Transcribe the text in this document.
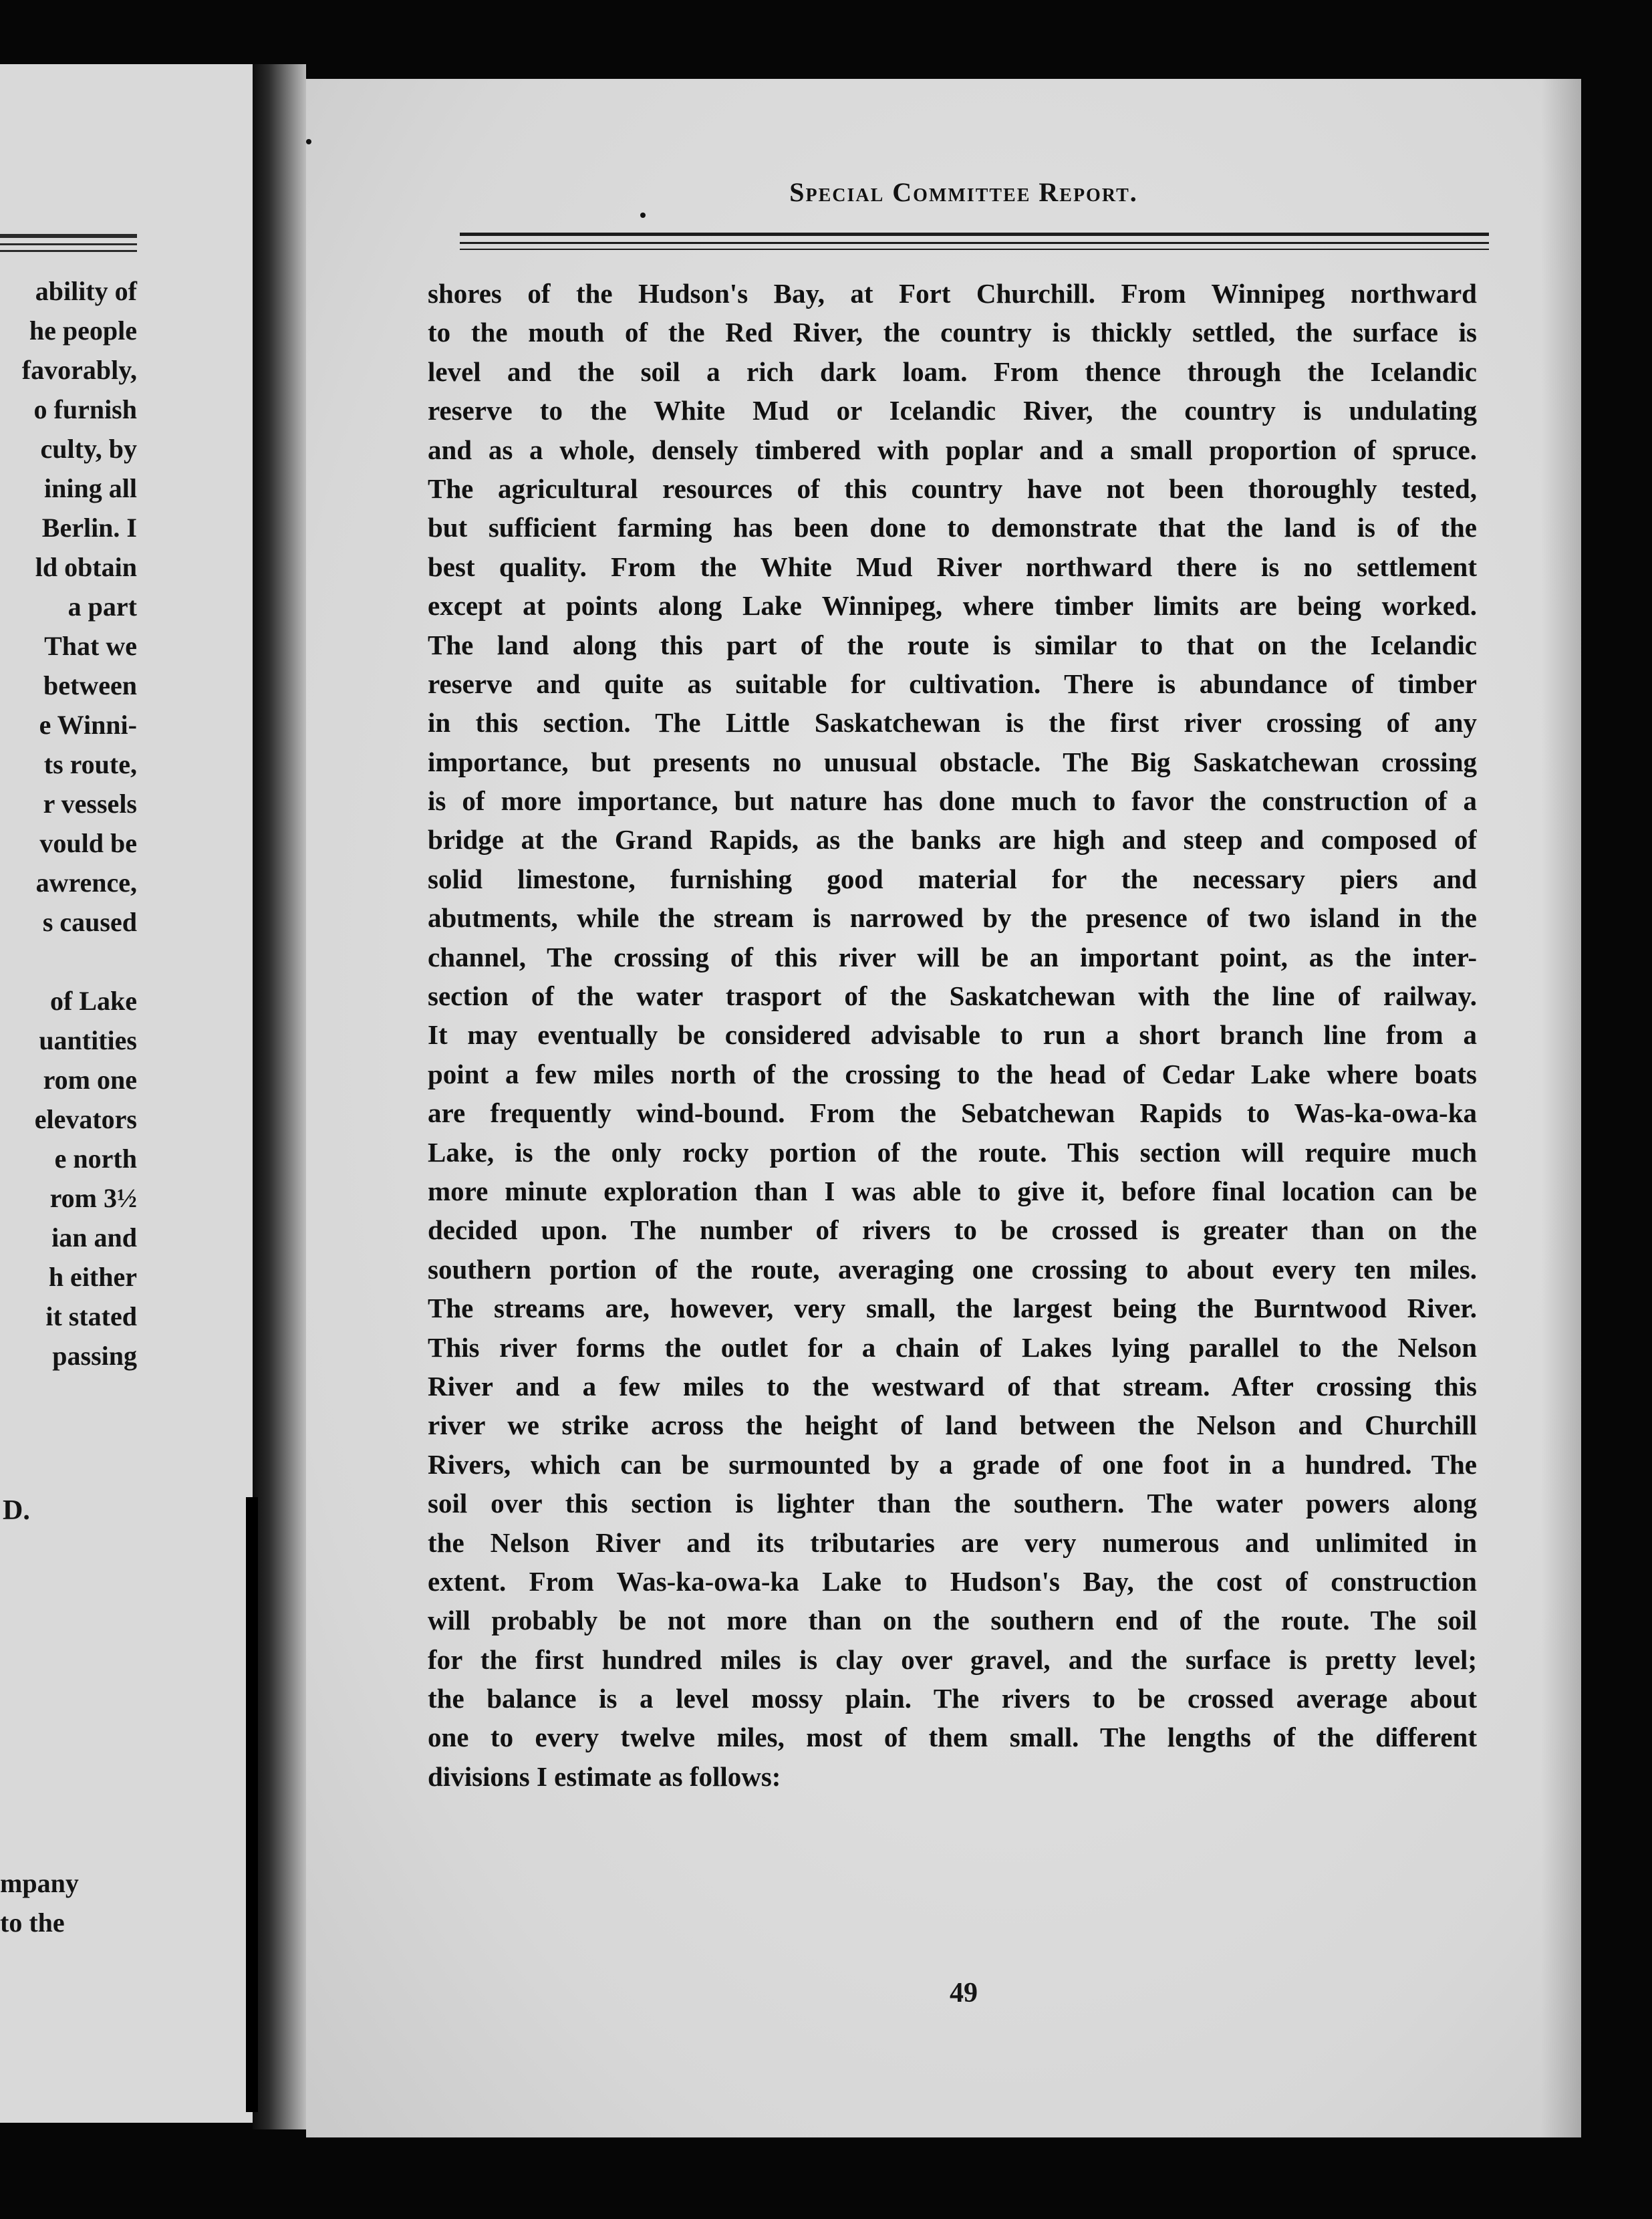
ability of
he people
favorably,
o furnish
culty, by
ining all
Berlin. I
ld obtain
a part
That we
between
e Winni-
ts route,
r vessels
vould be
awrence,
s caused
of Lake
uantities
rom one
elevators
e north
rom 3½
ian and
h either
it stated
passing
D.
mpany
to the
Special Committee Report.
shores of the Hudson's Bay, at Fort Churchill. From Winnipeg northward
to the mouth of the Red River, the country is thickly settled, the surface is
level and the soil a rich dark loam. From thence through the Icelandic
reserve to the White Mud or Icelandic River, the country is undulating
and as a whole, densely timbered with poplar and a small proportion of spruce.
The agricultural resources of this country have not been thoroughly tested,
but sufficient farming has been done to demonstrate that the land is of the
best quality. From the White Mud River northward there is no settlement
except at points along Lake Winnipeg, where timber limits are being worked.
The land along this part of the route is similar to that on the Icelandic
reserve and quite as suitable for cultivation. There is abundance of timber
in this section. The Little Saskatchewan is the first river crossing of any
importance, but presents no unusual obstacle. The Big Saskatchewan crossing
is of more importance, but nature has done much to favor the construction of a
bridge at the Grand Rapids, as the banks are high and steep and composed of
solid limestone, furnishing good material for the necessary piers and
abutments, while the stream is narrowed by the presence of two island in the
channel, The crossing of this river will be an important point, as the inter-
section of the water trasport of the Saskatchewan with the line of railway.
It may eventually be considered advisable to run a short branch line from a
point a few miles north of the crossing to the head of Cedar Lake where boats
are frequently wind-bound. From the Sebatchewan Rapids to Was-ka-owa-ka
Lake, is the only rocky portion of the route. This section will require much
more minute exploration than I was able to give it, before final location can be
decided upon. The number of rivers to be crossed is greater than on the
southern portion of the route, averaging one crossing to about every ten miles.
The streams are, however, very small, the largest being the Burntwood River.
This river forms the outlet for a chain of Lakes lying parallel to the Nelson
River and a few miles to the westward of that stream. After crossing this
river we strike across the height of land between the Nelson and Churchill
Rivers, which can be surmounted by a grade of one foot in a hundred. The
soil over this section is lighter than the southern. The water powers along
the Nelson River and its tributaries are very numerous and unlimited in
extent. From Was-ka-owa-ka Lake to Hudson's Bay, the cost of construction
will probably be not more than on the southern end of the route. The soil
for the first hundred miles is clay over gravel, and the surface is pretty level;
the balance is a level mossy plain. The rivers to be crossed average about
one to every twelve miles, most of them small. The lengths of the different
divisions I estimate as follows:
49
